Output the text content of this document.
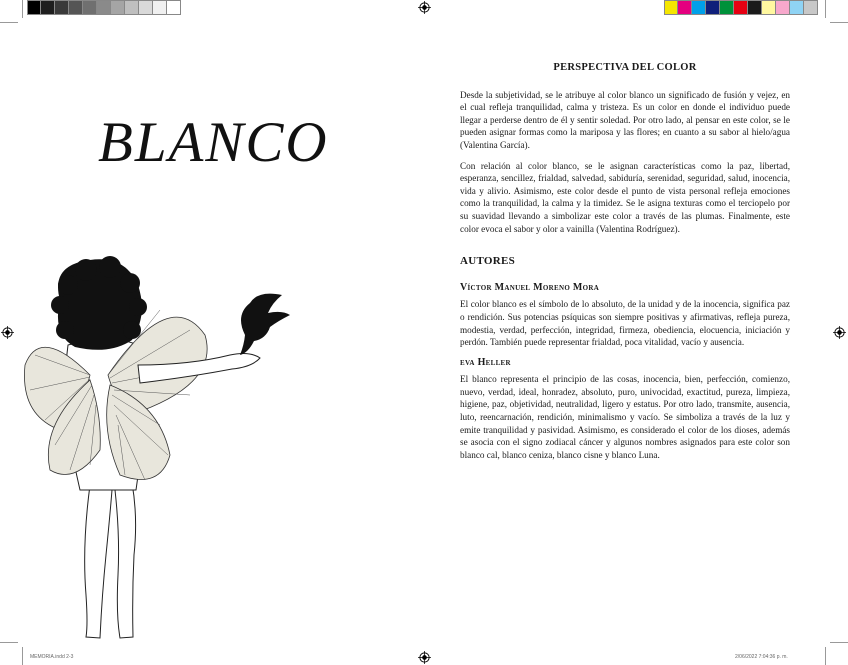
BLANCO
PERSPECTIVA DEL COLOR

Desde la subjetividad, se le atribuye al color blanco un significado de fusión y vejez, en el cual refleja tranquilidad, calma y tristeza. Es un color en donde el individuo puede llegar a perderse dentro de él y sentir soledad. Por otro lado, al pensar en este color, se le pueden asignar formas como la mariposa y las flores; en cuanto a su sabor al hielo/agua (Valentina García).

Con relación al color blanco, se le asignan características como la paz, libertad, esperanza, sencillez, frialdad, salvedad, sabiduría, serenidad, seguridad, salud, inocencia, vida y alivio. Asimismo, este color desde el punto de vista personal refleja emociones como la tranquilidad, la calma y la timidez. Se le asigna texturas como el terciopelo por su suavidad llevando a simbolizar este color a través de las plumas. Finalmente, este color evoca el sabor y olor a vainilla (Valentina Rodríguez).

AUTORES
Víctor Manuel Moreno Mora

El color blanco es el símbolo de lo absoluto, de la unidad y de la inocencia, significa paz o rendición. Sus potencias psíquicas son siempre positivas y afirmativas, refleja pureza, modestia, verdad, perfección, integridad, firmeza, obediencia, elocuencia, iniciación y perdón. También puede representar frialdad, poca vitalidad, vacío y ausencia.

eva Heller

El blanco representa el principio de las cosas, inocencia, bien, perfección, comienzo, nuevo, verdad, ideal, honradez, absoluto, puro, univocidad, exactitud, pureza, limpieza, higiene, paz, objetividad, neutralidad, ligero y estatus. Por otro lado, transmite, ausencia, luto, reencarnación, rendición, minimalismo y vacío. Se simboliza a través de la luz y emite tranquilidad y pasividad. Asimismo, es considerado el color de los dioses, además se asocia con el signo zodiacal cáncer y algunos nombres asignados para este color son blanco cal, blanco ceniza, blanco cisne y blanco Luna.

MEMORIA.indd 2-3	2/06/2022 7:04:36 p. m.
